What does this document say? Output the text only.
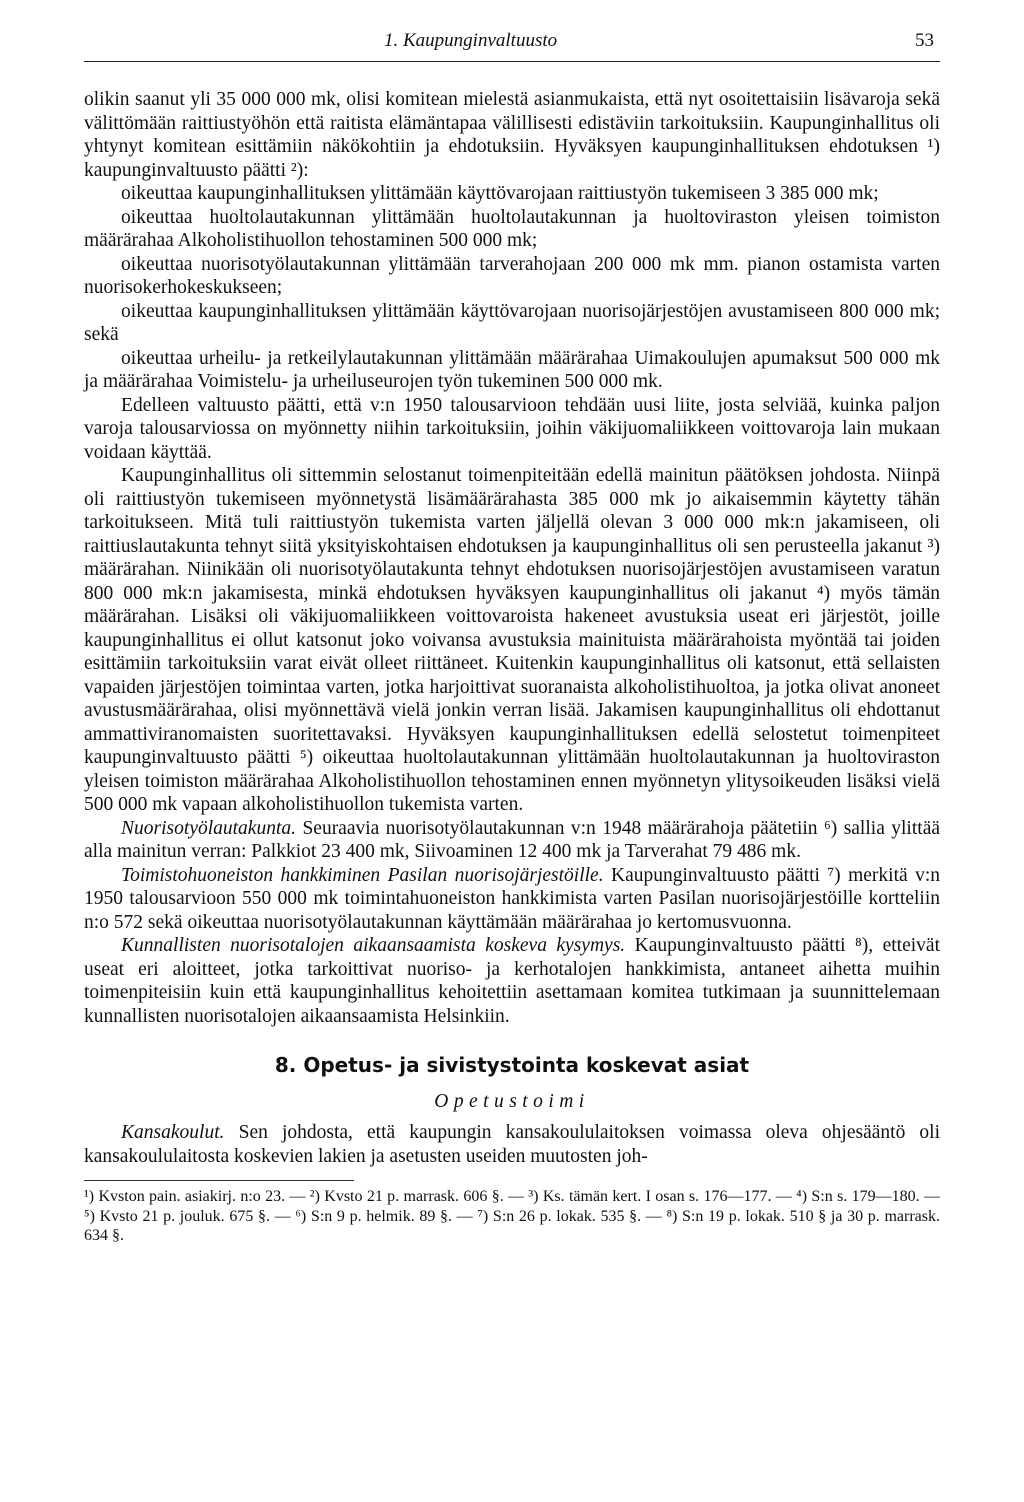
1. Kaupunginvaltuusto	53

olikin saanut yli 35 000 000 mk, olisi komitean mielestä asianmukaista, että nyt osoitettaisiin lisävaroja sekä välittömään raittiustyöhön että raitista elämäntapaa välillisesti edistäviin tarkoituksiin. Kaupunginhallitus oli yhtynyt komitean esittämiin näkökohtiin ja ehdotuksiin. Hyväksyen kaupunginhallituksen ehdotuksen ¹) kaupunginvaltuusto päätti ²):

oikeuttaa kaupunginhallituksen ylittämään käyttövarojaan raittiustyön tukemiseen 3 385 000 mk;

oikeuttaa huoltolautakunnan ylittämään huoltolautakunnan ja huoltoviraston yleisen toimiston määrärahaa Alkoholistihuollon tehostaminen 500 000 mk;

oikeuttaa nuorisotyölautakunnan ylittämään tarverahojaan 200 000 mk mm. pianon ostamista varten nuorisokerhokeskukseen;

oikeuttaa kaupunginhallituksen ylittämään käyttövarojaan nuorisojärjestöjen avustamiseen 800 000 mk; sekä

oikeuttaa urheilu- ja retkeilylautakunnan ylittämään määrärahaa Uimakoulujen apumaksut 500 000 mk ja määrärahaa Voimistelu- ja urheiluseurojen työn tukeminen 500 000 mk.

Edelleen valtuusto päätti, että v:n 1950 talousarvioon tehdään uusi liite, josta selviää, kuinka paljon varoja talousarviossa on myönnetty niihin tarkoituksiin, joihin väkijuomaliikkeen voittovaroja lain mukaan voidaan käyttää.

Kaupunginhallitus oli sittemmin selostanut toimenpiteitään edellä mainitun päätöksen johdosta. Niinpä oli raittiustyön tukemiseen myönnetystä lisämäärärahasta 385 000 mk jo aikaisemmin käytetty tähän tarkoitukseen. Mitä tuli raittiustyön tukemista varten jäljellä olevan 3 000 000 mk:n jakamiseen, oli raittiuslautakunta tehnyt siitä yksityiskohtaisen ehdotuksen ja kaupunginhallitus oli sen perusteella jakanut ³) määrärahan. Niinikään oli nuorisotyölautakunta tehnyt ehdotuksen nuorisojärjestöjen avustamiseen varatun 800 000 mk:n jakamisesta, minkä ehdotuksen hyväksyen kaupunginhallitus oli jakanut ⁴) myös tämän määrärahan. Lisäksi oli väkijuomaliikkeen voittovaroista hakeneet avustuksia useat eri järjestöt, joille kaupunginhallitus ei ollut katsonut joko voivansa avustuksia mainituista määrärahoista myöntää tai joiden esittämiin tarkoituksiin varat eivät olleet riittäneet. Kuitenkin kaupunginhallitus oli katsonut, että sellaisten vapaiden järjestöjen toimintaa varten, jotka harjoittivat suoranaista alkoholistihuoltoa, ja jotka olivat anoneet avustusmäärärahaa, olisi myönnettävä vielä jonkin verran lisää. Jakamisen kaupunginhallitus oli ehdottanut ammattiviranomaisten suoritettavaksi. Hyväksyen kaupunginhallituksen edellä selostetut toimenpiteet kaupunginvaltuusto päätti ⁵) oikeuttaa huoltolautakunnan ylittämään huoltolautakunnan ja huoltoviraston yleisen toimiston määrärahaa Alkoholistihuollon tehostaminen ennen myönnetyn ylitysoikeuden lisäksi vielä 500 000 mk vapaan alkoholistihuollon tukemista varten.

Nuorisotyölautakunta. Seuraavia nuorisotyölautakunnan v:n 1948 määrärahoja päätetiin ⁶) sallia ylittää alla mainitun verran: Palkkiot 23 400 mk, Siivoaminen 12 400 mk ja Tarverahat 79 486 mk.

Toimistohuoneiston hankkiminen Pasilan nuorisojärjestöille. Kaupunginvaltuusto päätti ⁷) merkitä v:n 1950 talousarvioon 550 000 mk toimintahuoneiston hankkimista varten Pasilan nuorisojärjestöille kortteliin n:o 572 sekä oikeuttaa nuorisotyölautakunnan käyttämään määrärahaa jo kertomusvuonna.

Kunnallisten nuorisotalojen aikaansaamista koskeva kysymys. Kaupunginvaltuusto päätti ⁸), etteivät useat eri aloitteet, jotka tarkoittivat nuoriso- ja kerhotalojen hankkimista, antaneet aihetta muihin toimenpiteisiin kuin että kaupunginhallitus kehoitettiin asettamaan komitea tutkimaan ja suunnittelemaan kunnallisten nuorisotalojen aikaansaamista Helsinkiin.

8. Opetus- ja sivistystointa koskevat asiat
Opetustoimi

Kansakoulut. Sen johdosta, että kaupungin kansakoululaitoksen voimassa oleva ohjesääntö oli kansakoululaitosta koskevien lakien ja asetusten useiden muutosten joh-

¹) Kvston pain. asiakirj. n:o 23. — ²) Kvsto 21 p. marrask. 606 §. — ³) Ks. tämän kert. I osan s. 176—177. — ⁴) S:n s. 179—180. — ⁵) Kvsto 21 p. jouluk. 675 §. — ⁶) S:n 9 p. helmik. 89 §. — ⁷) S:n 26 p. lokak. 535 §. — ⁸) S:n 19 p. lokak. 510 § ja 30 p. marrask. 634 §.
